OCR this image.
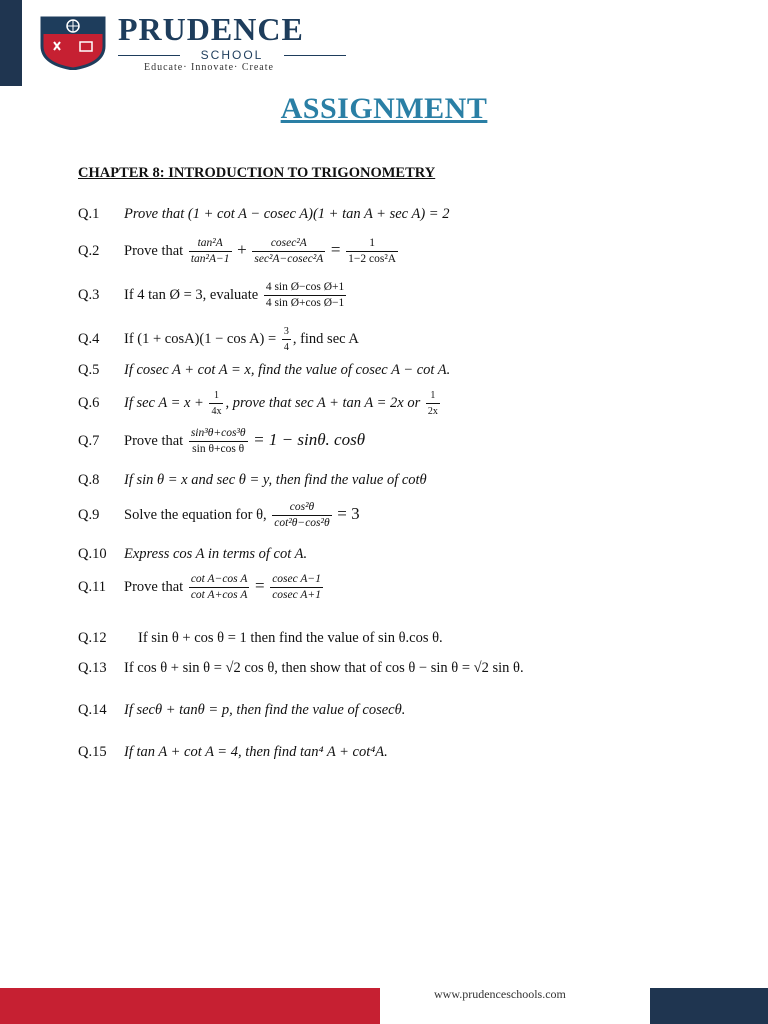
PRUDENCE
SCHOOL
Educate· Innovate· Create
ASSIGNMENT
CHAPTER 8: INTRODUCTION TO TRIGONOMETRY
Q.1 Prove that (1 + cot A − cosec A)(1 + tan A + sec A) = 2
Q.2 Prove that $\frac{\text{tan²A}}{\text{tan²A−1}} + \frac{\text{cosec²A}}{\text{sec²A−cosec²A}} = \frac{1}{\text{1−2 cos²A}}$
Q.3 If 4 tan Ø = 3, evaluate $\frac{\text{4 sin Ø−cos Ø+1}}{\text{4 sin Ø+cos Ø−1}}$
Q.4 If $(1 + \cos A)(1 - \cos A) = \frac{3}{4}$ , find sec A
Q.5 If cosec A + cot A = x, find the value of cosec A − cot A.
Q.6 If $\sec A = x + \frac{1}{4x}$ , prove that sec A + tan A = 2x or $\frac{1}{2x}$
Q.7 Prove that $\frac{\text{sin³θ+cos³θ}}{\text{sin θ+cos θ}} = 1 - \sin\theta$. cosθ
Q.8 If sin θ = x and sec θ = y, then find the value of cotθ
Q.9 Solve the equation for θ, $\frac{\text{cos²θ}}{\text{cot²θ−cos²θ}} = 3$
Q.10 Express cos A in terms of cot A.
Q.11 Prove that $\frac{\text{cot A−cos A}}{\text{cot A+cos A}} = \frac{\text{cosec A−1}}{\text{cosec A+1}}$
Q.12 If sin θ + cos θ = 1 then find the value of sin θ.cos θ.
Q.13 If cos θ + sin θ = √2 cos θ, then show that of cos θ − sin θ = √2 sin θ.
Q.14 If secθ + tanθ = p, then find the value of cosecθ.
Q.15 If tan A + cot A = 4, then find tan⁴ A + cot⁴A.
www.prudenceschools.com
